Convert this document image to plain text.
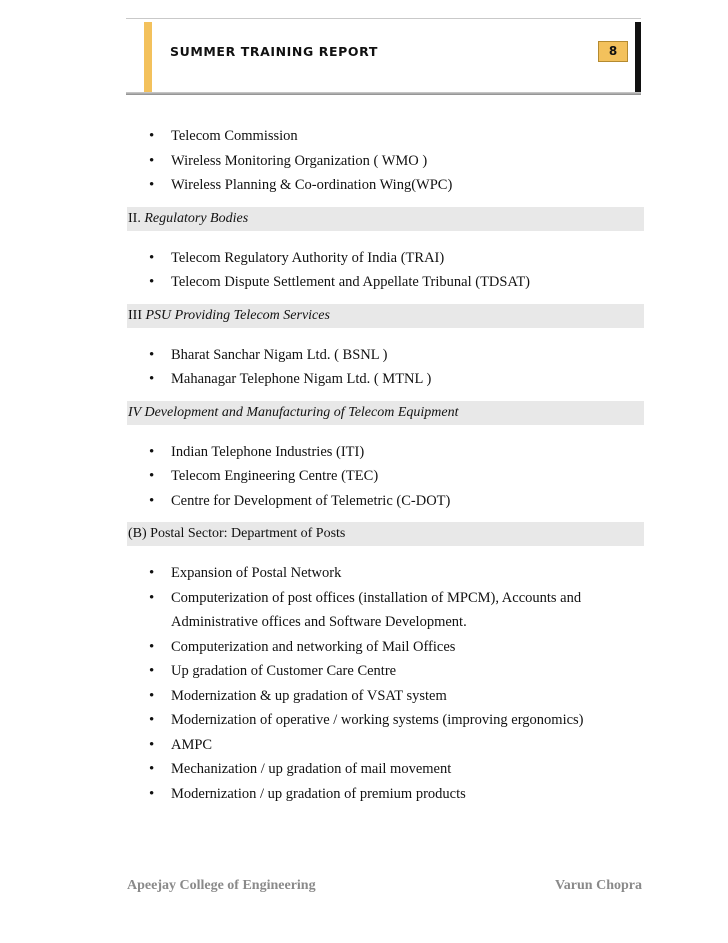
SUMMER TRAINING REPORT	8
• Telecom Commission
• Wireless Monitoring Organization ( WMO )
• Wireless Planning & Co-ordination Wing(WPC)
II. Regulatory Bodies
• Telecom Regulatory Authority of India (TRAI)
• Telecom Dispute Settlement and Appellate Tribunal (TDSAT)
III PSU Providing Telecom Services
• Bharat Sanchar Nigam Ltd. ( BSNL )
• Mahanagar Telephone Nigam Ltd. ( MTNL )
IV Development and Manufacturing of Telecom Equipment
• Indian Telephone Industries (ITI)
• Telecom Engineering Centre (TEC)
• Centre for Development of Telemetric (C-DOT)
(B) Postal Sector: Department of Posts
• Expansion of Postal Network
• Computerization of post offices (installation of MPCM), Accounts and Administrative offices and Software Development.
• Computerization and networking of Mail Offices
• Up gradation of Customer Care Centre
• Modernization & up gradation of VSAT system
• Modernization of operative / working systems (improving ergonomics)
• AMPC
• Mechanization / up gradation of mail movement
• Modernization / up gradation of premium products
Apeejay College of Engineering	Varun Chopra
